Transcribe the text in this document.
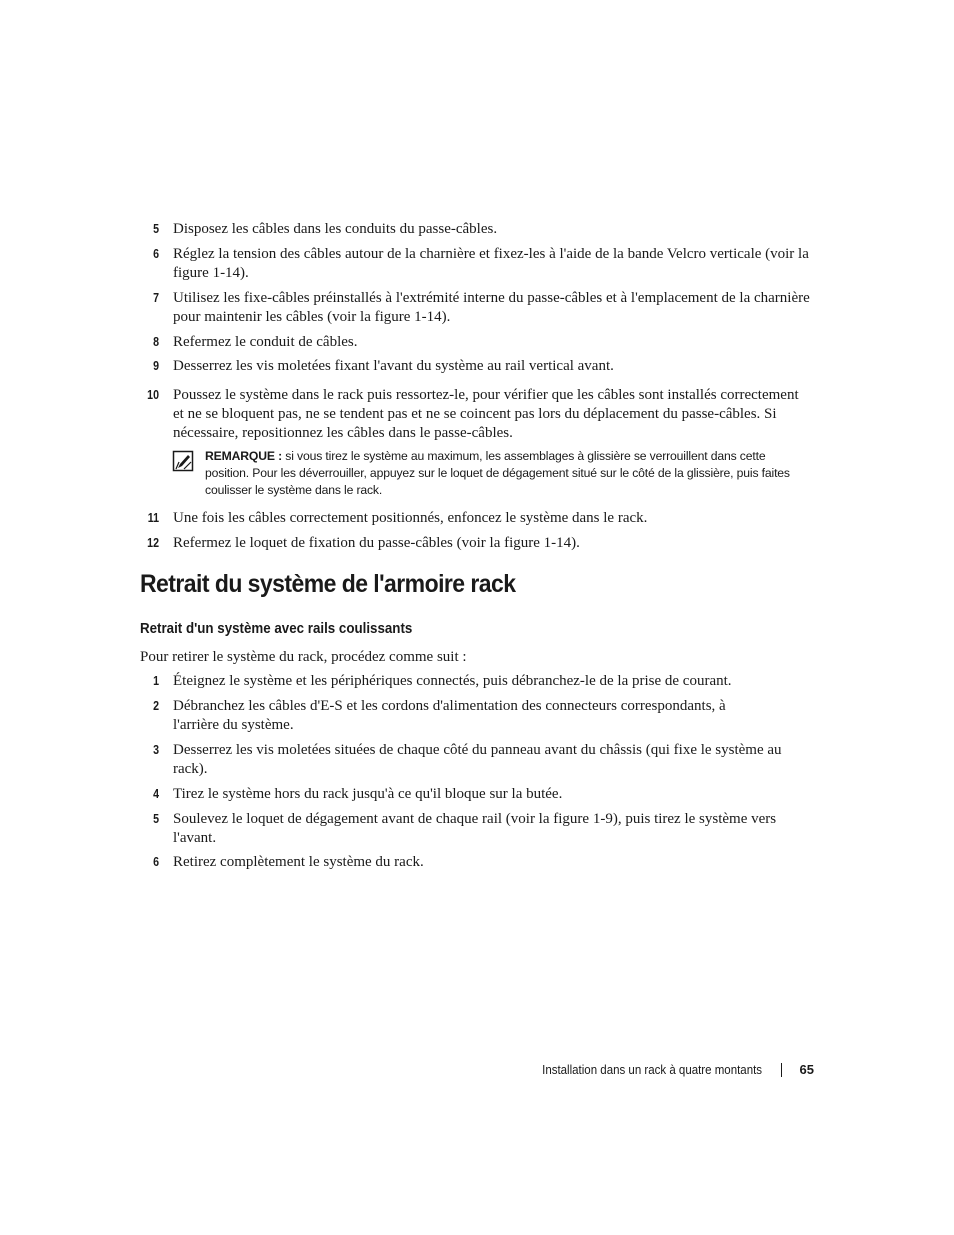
5 Disposez les câbles dans les conduits du passe-câbles.
6 Réglez la tension des câbles autour de la charnière et fixez-les à l'aide de la bande Velcro verticale (voir la figure 1-14).
7 Utilisez les fixe-câbles préinstallés à l'extrémité interne du passe-câbles et à l'emplacement de la charnière pour maintenir les câbles (voir la figure 1-14).
8 Refermez le conduit de câbles.
9 Desserrez les vis moletées fixant l'avant du système au rail vertical avant.
10 Poussez le système dans le rack puis ressortez-le, pour vérifier que les câbles sont installés correctement et ne se bloquent pas, ne se tendent pas et ne se coincent pas lors du déplacement du passe-câbles. Si nécessaire, repositionnez les câbles dans le passe-câbles.
REMARQUE : si vous tirez le système au maximum, les assemblages à glissière se verrouillent dans cette position. Pour les déverrouiller, appuyez sur le loquet de dégagement situé sur le côté de la glissière, puis faites coulisser le système dans le rack.
11 Une fois les câbles correctement positionnés, enfoncez le système dans le rack.
12 Refermez le loquet de fixation du passe-câbles (voir la figure 1-14).
Retrait du système de l'armoire rack
Retrait d'un système avec rails coulissants
Pour retirer le système du rack, procédez comme suit :
1 Éteignez le système et les périphériques connectés, puis débranchez-le de la prise de courant.
2 Débranchez les câbles d'E-S et les cordons d'alimentation des connecteurs correspondants, à l'arrière du système.
3 Desserrez les vis moletées situées de chaque côté du panneau avant du châssis (qui fixe le système au rack).
4 Tirez le système hors du rack jusqu'à ce qu'il bloque sur la butée.
5 Soulevez le loquet de dégagement avant de chaque rail (voir la figure 1-9), puis tirez le système vers l'avant.
6 Retirez complètement le système du rack.
Installation dans un rack à quatre montants	65
